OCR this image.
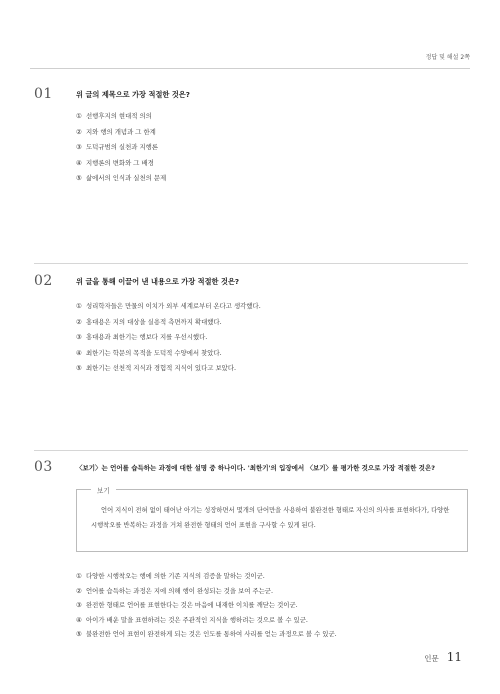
정답 및 해설 2쪽
01	위 글의 제목으로 가장 적절한 것은?
① 선행후지의 현대적 의의
② 지와 행의 개념과 그 한계
③ 도덕규범의 실천과 지행론
④ 지행론의 변화와 그 배경
⑤ 삶에서의 인식과 실천의 문제
02	위 글을 통해 이끌어 낸 내용으로 가장 적절한 것은?
① 성리학자들은 만물의 이치가 외부 세계로부터 온다고 생각했다.
② 홍대용은 지의 대상을 실용적 측면까지 확대했다.
③ 홍대용과 최한기는 행보다 지를 우선시했다.
④ 최한기는 학문의 목적을 도덕적 수양에서 찾았다.
⑤ 최한기는 선천적 지식과 경험적 지식이 있다고 보았다.
03	〈보기〉는 언어를 습득하는 과정에 대한 설명 중 하나이다. '최한기'의 입장에서 〈보기〉를 평가한 것으로 가장 적절한 것은?
보기
언어 지식이 전혀 없이 태어난 아기는 성장하면서 몇개의 단어만을 사용하여 불완전한 형태로 자신의 의사를 표현하다가, 다양한 시행착오를 반복하는 과정을 거쳐 완전한 형태의 언어 표현을 구사할 수 있게 된다.
① 다양한 시행착오는 행에 의한 기존 지식의 검증을 말하는 것이군.
② 언어를 습득하는 과정은 지에 의해 행이 완성되는 것을 보여 주는군.
③ 완전한 형태로 언어를 표현한다는 것은 마음에 내재한 이치를 깨닫는 것이군.
④ 아이가 배운 말을 표현하려는 것은 주관적인 지식을 행하려는 것으로 볼 수 있군.
⑤ 불완전한 언어 표현이 완전하게 되는 것은 인도를 통하여 사리를 얻는 과정으로 볼 수 있군.
인문 11
